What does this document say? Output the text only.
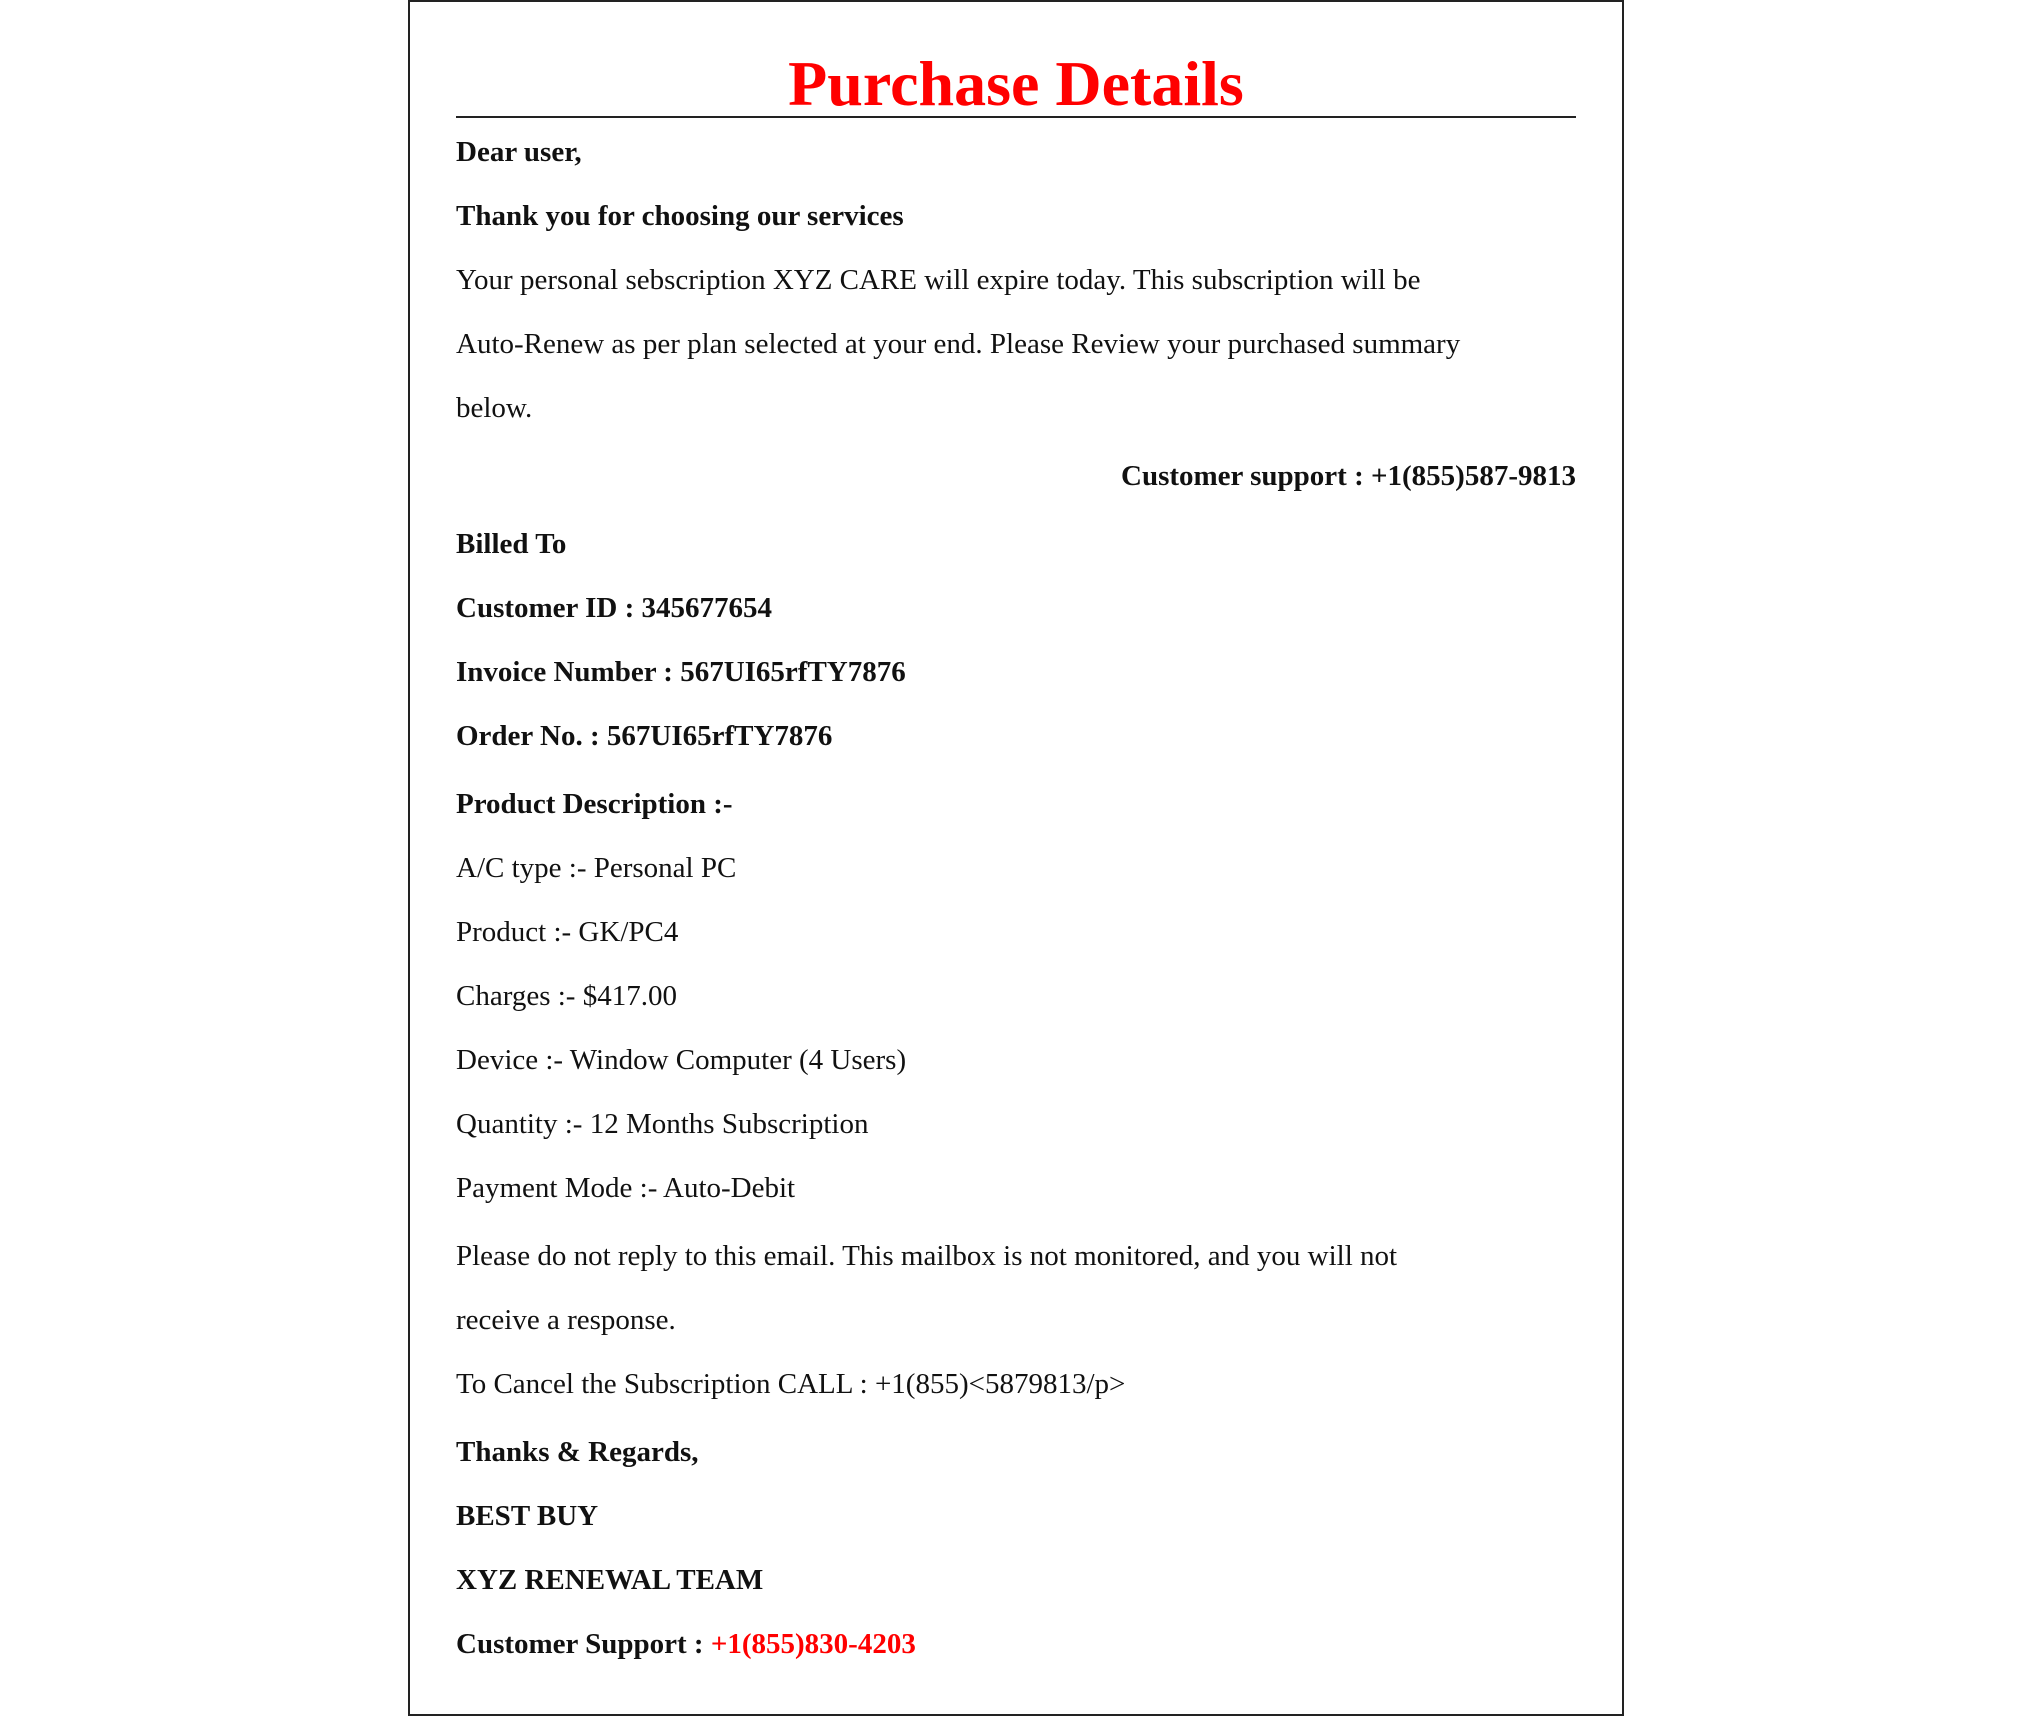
Purchase Details
Dear user,
Thank you for choosing our services
Your personal sebscription XYZ CARE will expire today. This subscription will be
Auto-Renew as per plan selected at your end. Please Review your purchased summary
below.
Customer support : +1(855)587-9813
Billed To
Customer ID : 345677654
Invoice Number : 567UI65rfTY7876
Order No. : 567UI65rfTY7876
Product Description :-
A/C type :- Personal PC
Product :- GK/PC4
Charges :- $417.00
Device :- Window Computer (4 Users)
Quantity :- 12 Months Subscription
Payment Mode :- Auto-Debit
Please do not reply to this email. This mailbox is not monitored, and you will not
receive a response.
To Cancel the Subscription CALL : +1(855)<5879813/p>
Thanks & Regards,
BEST BUY
XYZ RENEWAL TEAM
Customer Support : +1(855)830-4203
